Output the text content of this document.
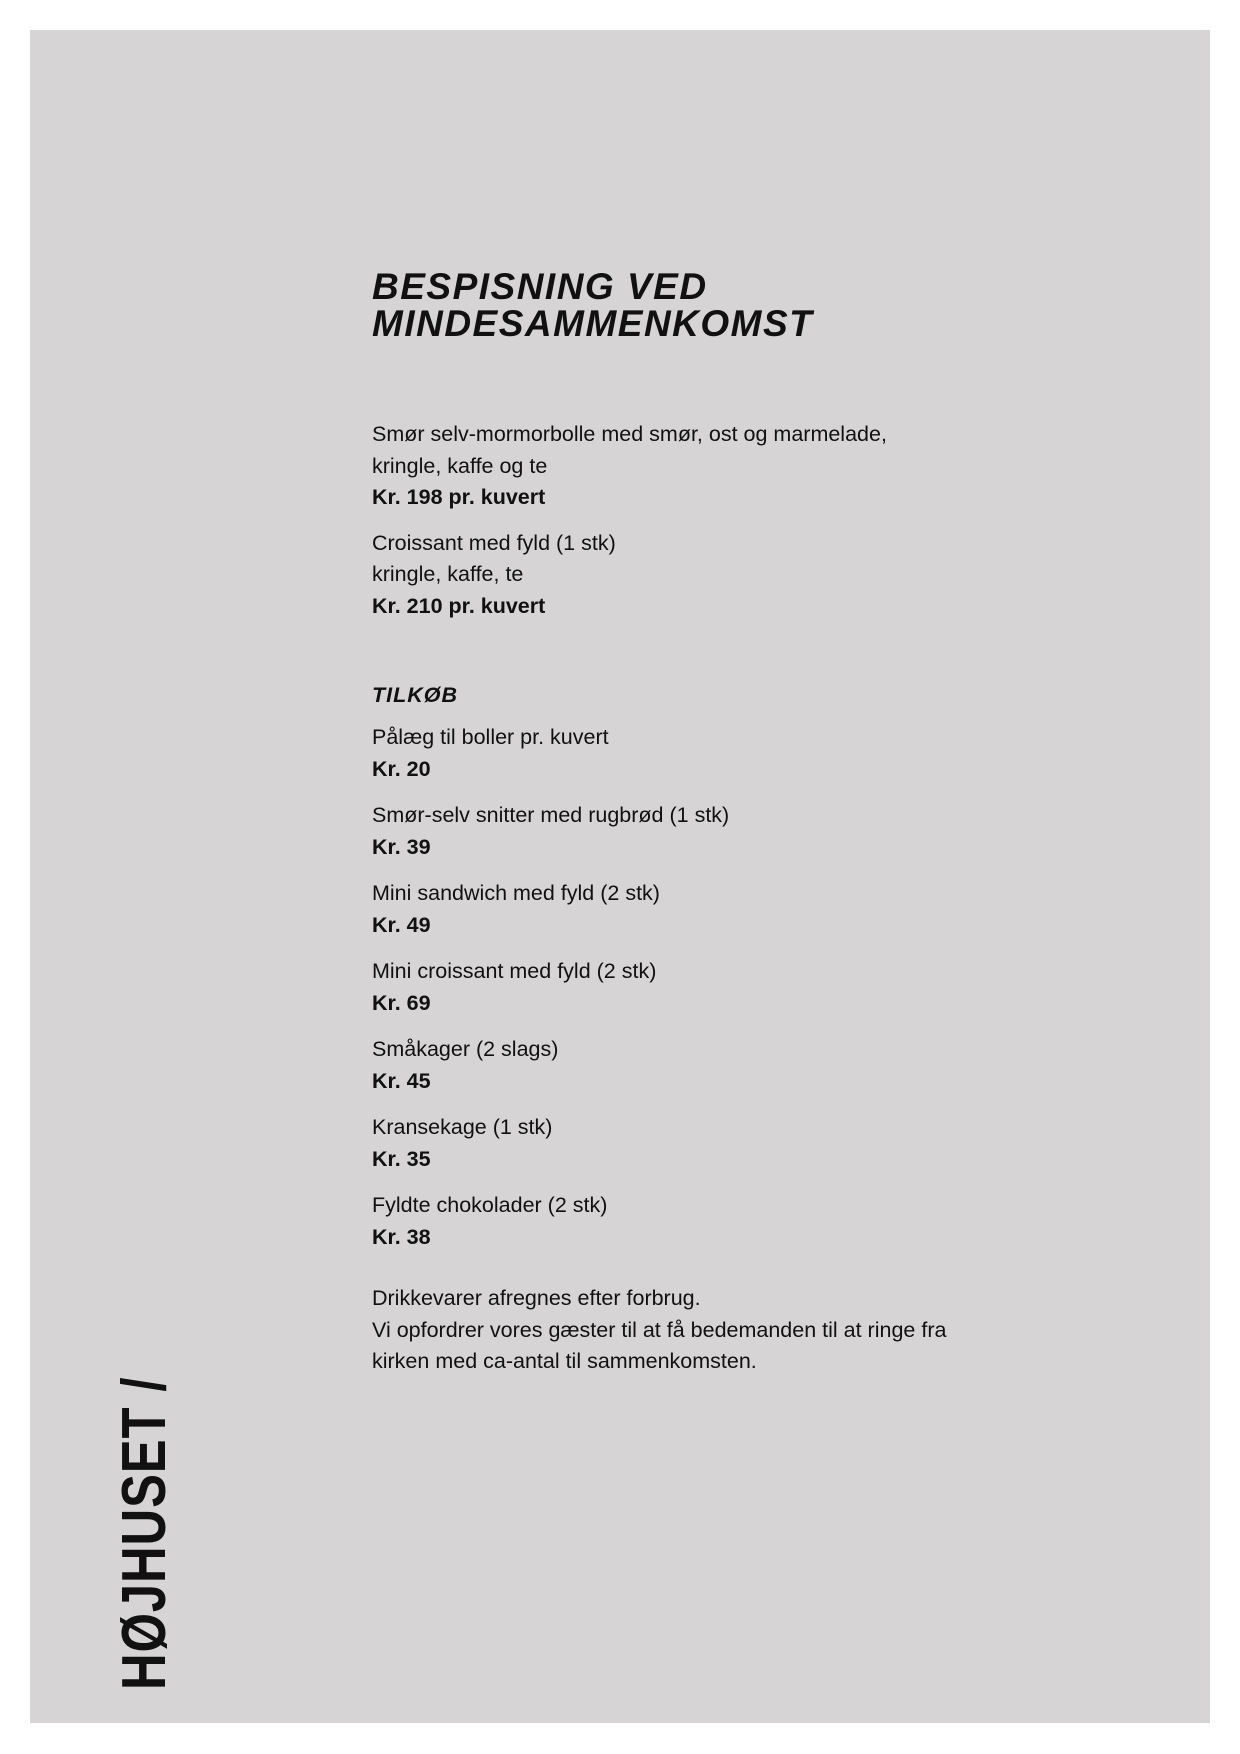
BESPISNING VED
MINDESAMMENKOMST
Smør selv-mormorbolle med smør, ost og marmelade,
kringle, kaffe og te
Kr. 198 pr. kuvert
Croissant med fyld (1 stk)
kringle, kaffe, te
Kr. 210 pr. kuvert
TILKØB
Pålæg til boller pr. kuvert
Kr. 20
Smør-selv snitter med rugbrød (1 stk)
Kr. 39
Mini sandwich med fyld (2 stk)
Kr. 49
Mini croissant med fyld (2 stk)
Kr. 69
Småkager (2 slags)
Kr. 45
Kransekage (1 stk)
Kr. 35
Fyldte chokolader (2 stk)
Kr. 38
Drikkevarer afregnes efter forbrug.
Vi opfordrer vores gæster til at få bedemanden til at ringe fra
kirken med ca-antal til sammenkomsten.
HØJHUSET /
